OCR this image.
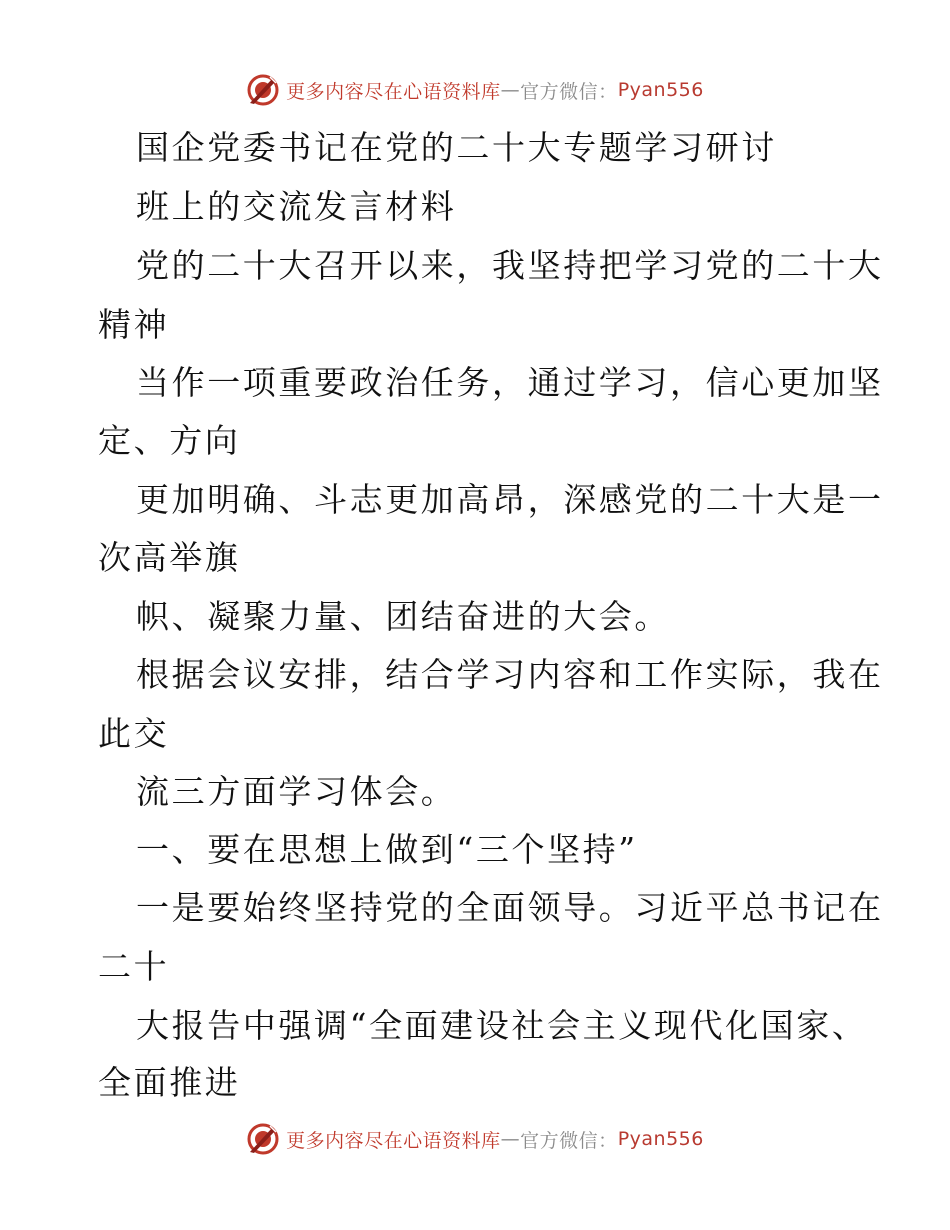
更多内容尽在心语资料库 — 官方微信： Pyan556
国企党委书记在党的二十大专题学习研讨
班上的交流发言材料
党的二十大召开以来，我坚持把学习党的二十大
精神
当作一项重要政治任务，通过学习，信心更加坚
定、方向
更加明确、斗志更加高昂，深感党的二十大是一
次高举旗
帜、凝聚力量、团结奋进的大会。
根据会议安排，结合学习内容和工作实际，我在
此交
流三方面学习体会。
一、要在思想上做到“三个坚持”
一是要始终坚持党的全面领导。习近平总书记在
二十
大报告中强调“全面建设社会主义现代化国家、
全面推进
更多内容尽在心语资料库 — 官方微信： Pyan556
